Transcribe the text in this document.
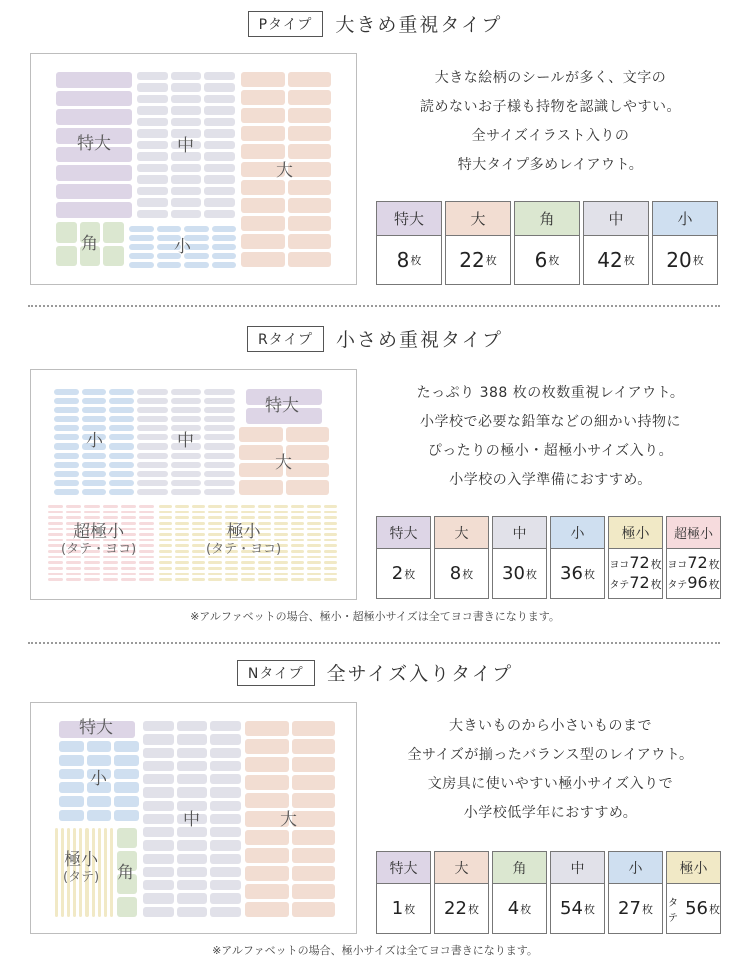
Pタイプ	大きめ重視タイプ
特大	中
大
角	小
大きな絵柄のシールが多く、文字の
読めないお子様も持物を認識しやすい。
全サイズイラスト入りの
特大タイプ多めレイアウト。
特大
8 枚
大
22 枚
角
6 枚
中
42 枚
小
20 枚
Rタイプ	小さめ重視タイプ
小	中
特大
大
超極小
(タテ・ヨコ)
極小
(タテ・ヨコ)
たっぷり 388 枚の枚数重視レイアウト。
小学校で必要な鉛筆などの細かい持物に
ぴったりの極小・超極小サイズ入り。
小学校の入学準備におすすめ。
特大
2 枚
大
8 枚
中
30 枚
小
36 枚
極小
ヨコ72枚
タテ72枚
超極小
ヨコ72枚
タテ96枚
※アルファベットの場合、極小・超極小サイズは全てヨコ書きになります。
Nタイプ	全サイズ入りタイプ
特大
小
中	大
極小
(タテ) 角
大きいものから小さいものまで
全サイズが揃ったバランス型のレイアウト。
文房具に使いやすい極小サイズ入りで
小学校低学年におすすめ。
特大
1 枚
大
22 枚
角
4 枚
中
54 枚
小
27 枚
極小
タテ 56 枚
※アルファベットの場合、極小サイズは全てヨコ書きになります。
